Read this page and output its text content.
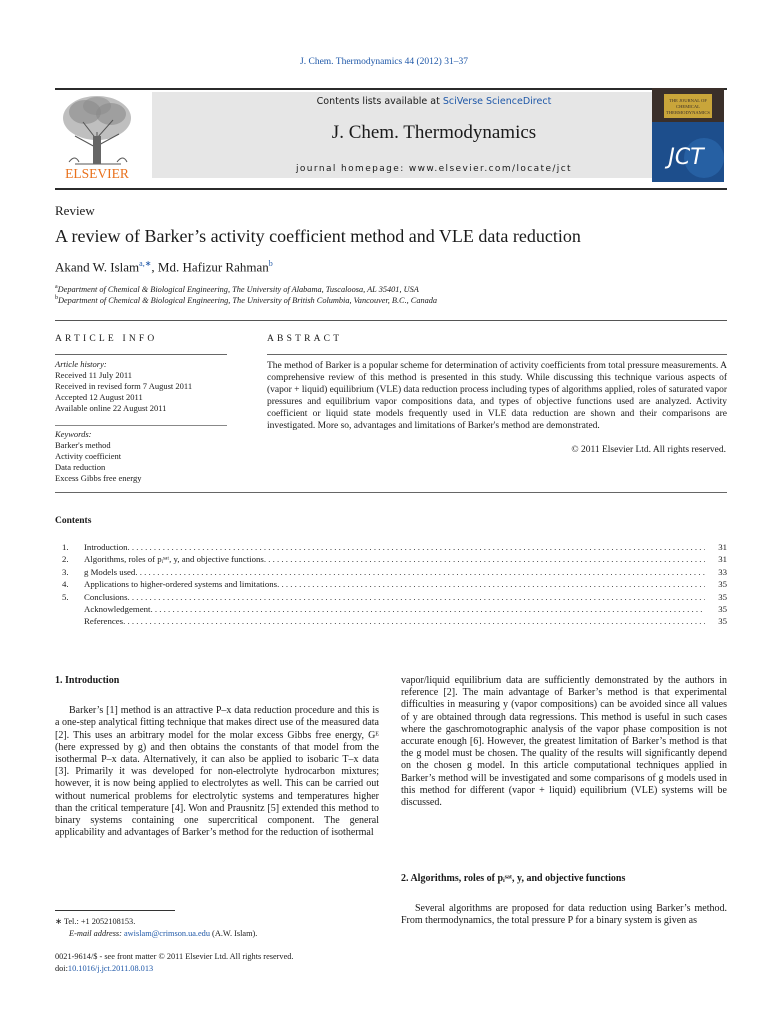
J. Chem. Thermodynamics 44 (2012) 31–37
ELSEVIER
Contents lists available at SciVerse ScienceDirect
J. Chem. Thermodynamics
journal homepage: www.elsevier.com/locate/jct
THE JOURNAL OF
CHEMICAL
THERMODYNAMICS
JCT
Review
A review of Barker’s activity coefficient method and VLE data reduction
Akand W. Islam$^{a,∗}$, Md. Hafizur Rahman$^b$
$^a$Department of Chemical & Biological Engineering, The University of Alabama, Tuscaloosa, AL 35401, USA
$^b$Department of Chemical & Biological Engineering, The University of British Columbia, Vancouver, B.C., Canada
ARTICLE INFO	ABSTRACT
Article history:
Received 11 July 2011
Received in revised form 7 August 2011
Accepted 12 August 2011
Available online 22 August 2011
Keywords:
Barker's method
Activity coefficient
Data reduction
Excess Gibbs free energy
The method of Barker is a popular scheme for determination of activity coefficients from total pressure measurements. A comprehensive review of this method is presented in this study. While discussing this technique various aspects of (vapor + liquid) equilibrium (VLE) data reduction process including types of algorithms applied, roles of saturated vapor pressures and equilibrium vapor compositions data, and types of objective functions used are analyzed. Activity coefficient or liquid state models frequently used in VLE data reduction are shown and their comparisons are investigated. More so, advantages and limitations of Barker's method are demonstrated.
© 2011 Elsevier Ltd. All rights reserved.
Contents
1.	Introduction . . .	31
2.	Algorithms, roles of pᵢˢᵃᵗ, y, and objective functions . . .	31
3.	g Models used . . .	33
4.	Applications to higher-ordered systems and limitations . . .	35
5.	Conclusions . . .	35
Acknowledgement . . .	35
References . . .	35
1. Introduction

Barker’s [1] method is an attractive P–x data reduction procedure and this is a one-step analytical fitting technique that makes direct use of the measured data [2]. This uses an arbitrary model for the molar excess Gibbs free energy, Gᴱ (here expressed by g) and then obtains the constants of that model from the isothermal P–x data. Alternatively, it can also be applied to isobaric T–x data [3]. Primarily it was developed for non-electrolyte hydrocarbon mixtures; however, it is now being applied to electrolytes as well. This can be carried out without numerical problems for electrolytic systems and temperatures higher than the critical temperature [4]. Won and Prausnitz [5] extended this method to binary systems containing one supercritical component. The general applicability and advantages of Barker’s method for the reduction of isothermal

vapor/liquid equilibrium data are sufficiently demonstrated by the authors in reference [2]. The main advantage of Barker’s method is that experimental difficulties in measuring y (vapor compositions) can be avoided since all values of y are obtained through data regressions. This method is useful in such cases where the gaschromotographic analysis of the vapor phase composition is not accurate enough [6]. However, the greatest limitation of Barker’s method is that the g model must be chosen. The quality of the results will significantly depend on the chosen g model. In this article computational techniques applied in Barker’s method will be investigated and some comparisons of g models used in this method for different (vapor + liquid) equilibrium (VLE) systems will be discussed.

2. Algorithms, roles of pᵢˢᵃᵗ, y, and objective functions

Several algorithms are proposed for data reduction using Barker’s method. From thermodynamics, the total pressure P for a binary system is given as

∗ Tel.: +1 2052108153.
E-mail address: awislam@crimson.ua.edu (A.W. Islam).
0021-9614/$ - see front matter © 2011 Elsevier Ltd. All rights reserved.
doi:10.1016/j.jct.2011.08.013
